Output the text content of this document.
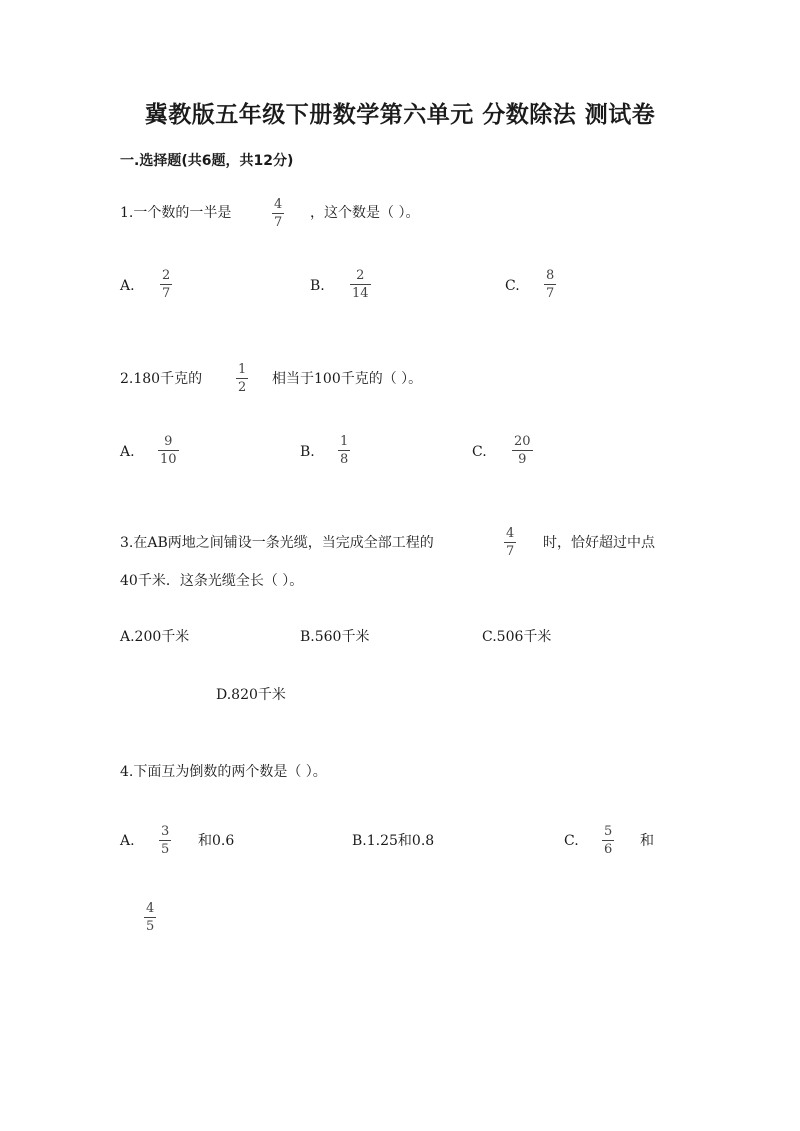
冀教版五年级下册数学第六单元 分数除法 测试卷
一.选择题(共6题，共12分)
1.一个数的一半是
4
7
，这个数是（ ）。
A.
2
7	B.
2
14	C.
8
7
2.180千克的
1
2
相当于100千克的（ ）。
A.
9
10	B.
1
8	C.
20
9
3.在AB两地之间铺设一条光缆，当完成全部工程的
4
7
时，恰好超过中点
40千米．这条光缆全长（ ）。
A.200千米	B.560千米	C.506千米
D.820千米
4.下面互为倒数的两个数是（ ）。
A.
3
5
和0.6	B.1.25和0.8	C.
5
6
和
4
5
